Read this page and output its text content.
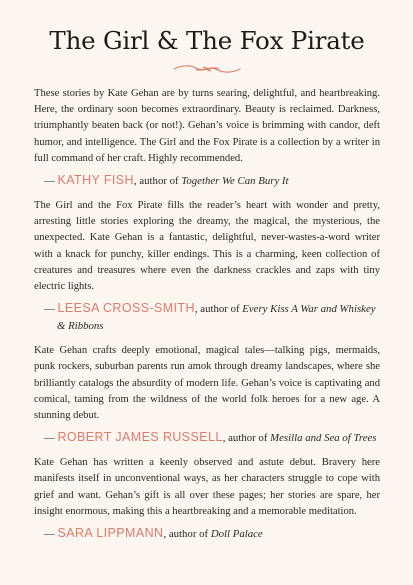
The Girl & The Fox Pirate

These stories by Kate Gehan are by turns searing, delightful, and heartbreaking. Here, the ordinary soon becomes extraordinary. Beauty is reclaimed. Darkness, triumphantly beaten back (or not!). Gehan’s voice is brimming with candor, deft humor, and intelligence. The Girl and the Fox Pirate is a collection by a writer in full command of her craft. Highly recommended.

— KATHY FISH, author of Together We Can Bury It

The Girl and the Fox Pirate fills the reader’s heart with wonder and pretty, arresting little stories exploring the dreamy, the magical, the mysterious, the unexpected. Kate Gehan is a fantastic, delightful, never-wastes-a-word writer with a knack for punchy, killer endings. This is a charming, keen collection of creatures and treasures where even the darkness crackles and zaps with tiny electric lights.

— LEESA CROSS-SMITH, author of Every Kiss A War and Whiskey & Ribbons

Kate Gehan crafts deeply emotional, magical tales—talking pigs, mermaids, punk rockers, suburban parents run amok through dreamy landscapes, where she brilliantly catalogs the absurdity of modern life. Gehan’s voice is captivating and comical, taming from the wildness of the world folk heroes for a new age. A stunning debut.

— ROBERT JAMES RUSSELL, author of Mesilla and Sea of Trees

Kate Gehan has written a keenly observed and astute debut. Bravery here manifests itself in unconventional ways, as her characters struggle to cope with grief and want. Gehan’s gift is all over these pages; her stories are spare, her insight enormous, making this a heartbreaking and a memorable meditation.

— SARA LIPPMANN, author of Doll Palace
